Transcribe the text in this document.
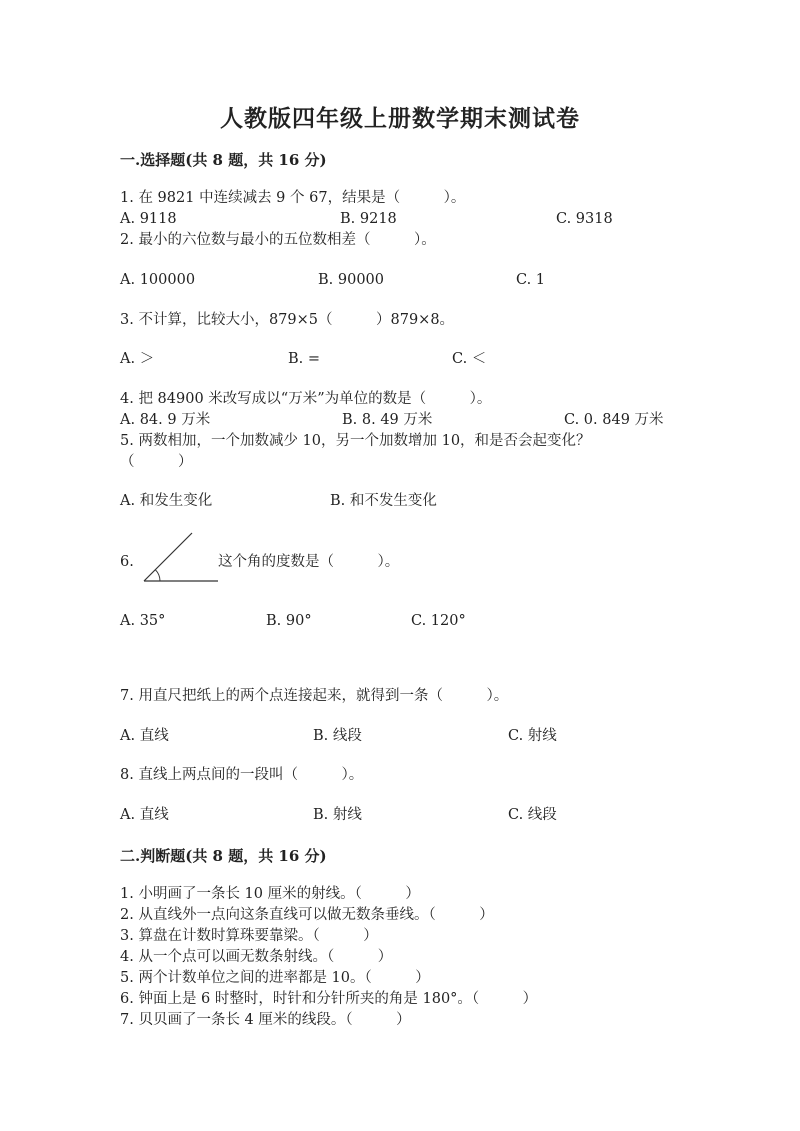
人教版四年级上册数学期末测试卷
一.选择题(共 8 题，共 16 分)
1. 在 9821 中连续减去 9 个 67，结果是（　　　）。
A. 9118	B. 9218	C. 9318
2. 最小的六位数与最小的五位数相差（　　　）。
A. 100000	B. 90000	C. 1
3. 不计算，比较大小，879×5（　　　）879×8。
A. ＞	B. =	C. ＜
4. 把 84900 米改写成以“万米”为单位的数是（　　　）。
A. 84. 9 万米	B. 8. 49 万米	C. 0. 849 万米
5. 两数相加，一个加数减少 10，另一个加数增加 10，和是否会起变化？
（　　　）
A. 和发生变化	B. 和不发生变化
6.	这个角的度数是（　　　）。
A. 35°	B. 90°	C. 120°
7. 用直尺把纸上的两个点连接起来，就得到一条（　　　）。
A. 直线	B. 线段	C. 射线
8. 直线上两点间的一段叫（　　　）。
A. 直线	B. 射线	C. 线段
二.判断题(共 8 题，共 16 分)
1. 小明画了一条长 10 厘米的射线。（　　　）
2. 从直线外一点向这条直线可以做无数条垂线。（　　　）
3. 算盘在计数时算珠要靠梁。（　　　）
4. 从一个点可以画无数条射线。（　　　）
5. 两个计数单位之间的进率都是 10。（　　　）
6. 钟面上是 6 时整时，时针和分针所夹的角是 180°。（　　　）
7. 贝贝画了一条长 4 厘米的线段。（　　　）
